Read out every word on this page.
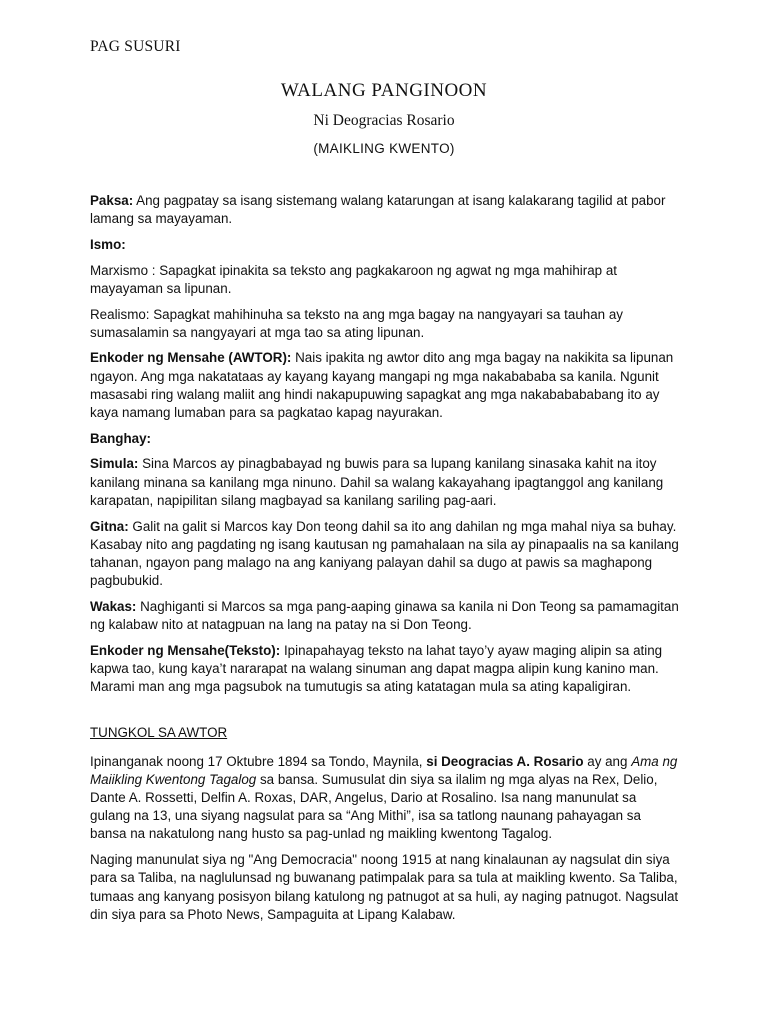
PAG SUSURI
WALANG PANGINOON
Ni Deogracias Rosario
(MAIKLING KWENTO)

Paksa: Ang pagpatay sa isang sistemang walang katarungan at isang kalakarang tagilid at pabor lamang sa mayayaman.

Ismo:

Marxismo : Sapagkat ipinakita sa teksto ang pagkakaroon ng agwat ng mga mahihirap at mayayaman sa lipunan.

Realismo: Sapagkat mahihinuha sa teksto na ang mga bagay na nangyayari sa tauhan ay sumasalamin sa nangyayari at mga tao sa ating lipunan.

Enkoder ng Mensahe (AWTOR): Nais ipakita ng awtor dito ang mga bagay na nakikita sa lipunan ngayon. Ang mga nakatataas ay kayang kayang mangapi ng mga nakabababa sa kanila. Ngunit masasabi ring walang maliit ang hindi nakapupuwing sapagkat ang mga nakababababang ito ay kaya namang lumaban para sa pagkatao kapag nayurakan.

Banghay:

Simula: Sina Marcos ay pinagbabayad ng buwis para sa lupang kanilang sinasaka kahit na itoy kanilang minana sa kanilang mga ninuno. Dahil sa walang kakayahang ipagtanggol ang kanilang karapatan, napipilitan silang magbayad sa kanilang sariling pag-aari.

Gitna: Galit na galit si Marcos kay Don teong dahil sa ito ang dahilan ng mga mahal niya sa buhay. Kasabay nito ang pagdating ng isang kautusan ng pamahalaan na sila ay pinapaalis na sa kanilang tahanan, ngayon pang malago na ang kaniyang palayan dahil sa dugo at pawis sa maghapong pagbubukid.

Wakas: Naghiganti si Marcos sa mga pang-aaping ginawa sa kanila ni Don Teong sa pamamagitan ng kalabaw nito at natagpuan na lang na patay na si Don Teong.

Enkoder ng Mensahe(Teksto): Ipinapahayag teksto na lahat tayo’y ayaw maging alipin sa ating kapwa tao, kung kaya’t nararapat na walang sinuman ang dapat magpa alipin kung kanino man. Marami man ang mga pagsubok na tumutugis sa ating katatagan mula sa ating kapaligiran.

TUNGKOL SA AWTOR

Ipinanganak noong 17 Oktubre 1894 sa Tondo, Maynila, si Deogracias A. Rosario ay ang Ama ng Maiikling Kwentong Tagalog sa bansa. Sumusulat din siya sa ilalim ng mga alyas na Rex, Delio, Dante A. Rossetti, Delfin A. Roxas, DAR, Angelus, Dario at Rosalino. Isa nang manunulat sa gulang na 13, una siyang nagsulat para sa “Ang Mithi”, isa sa tatlong naunang pahayagan sa bansa na nakatulong nang husto sa pag-unlad ng maikling kwentong Tagalog.

Naging manunulat siya ng "Ang Democracia" noong 1915 at nang kinalaunan ay nagsulat din siya para sa Taliba, na naglulunsad ng buwanang patimpalak para sa tula at maikling kwento. Sa Taliba, tumaas ang kanyang posisyon bilang katulong ng patnugot at sa huli, ay naging patnugot. Nagsulat din siya para sa Photo News, Sampaguita at Lipang Kalabaw.
